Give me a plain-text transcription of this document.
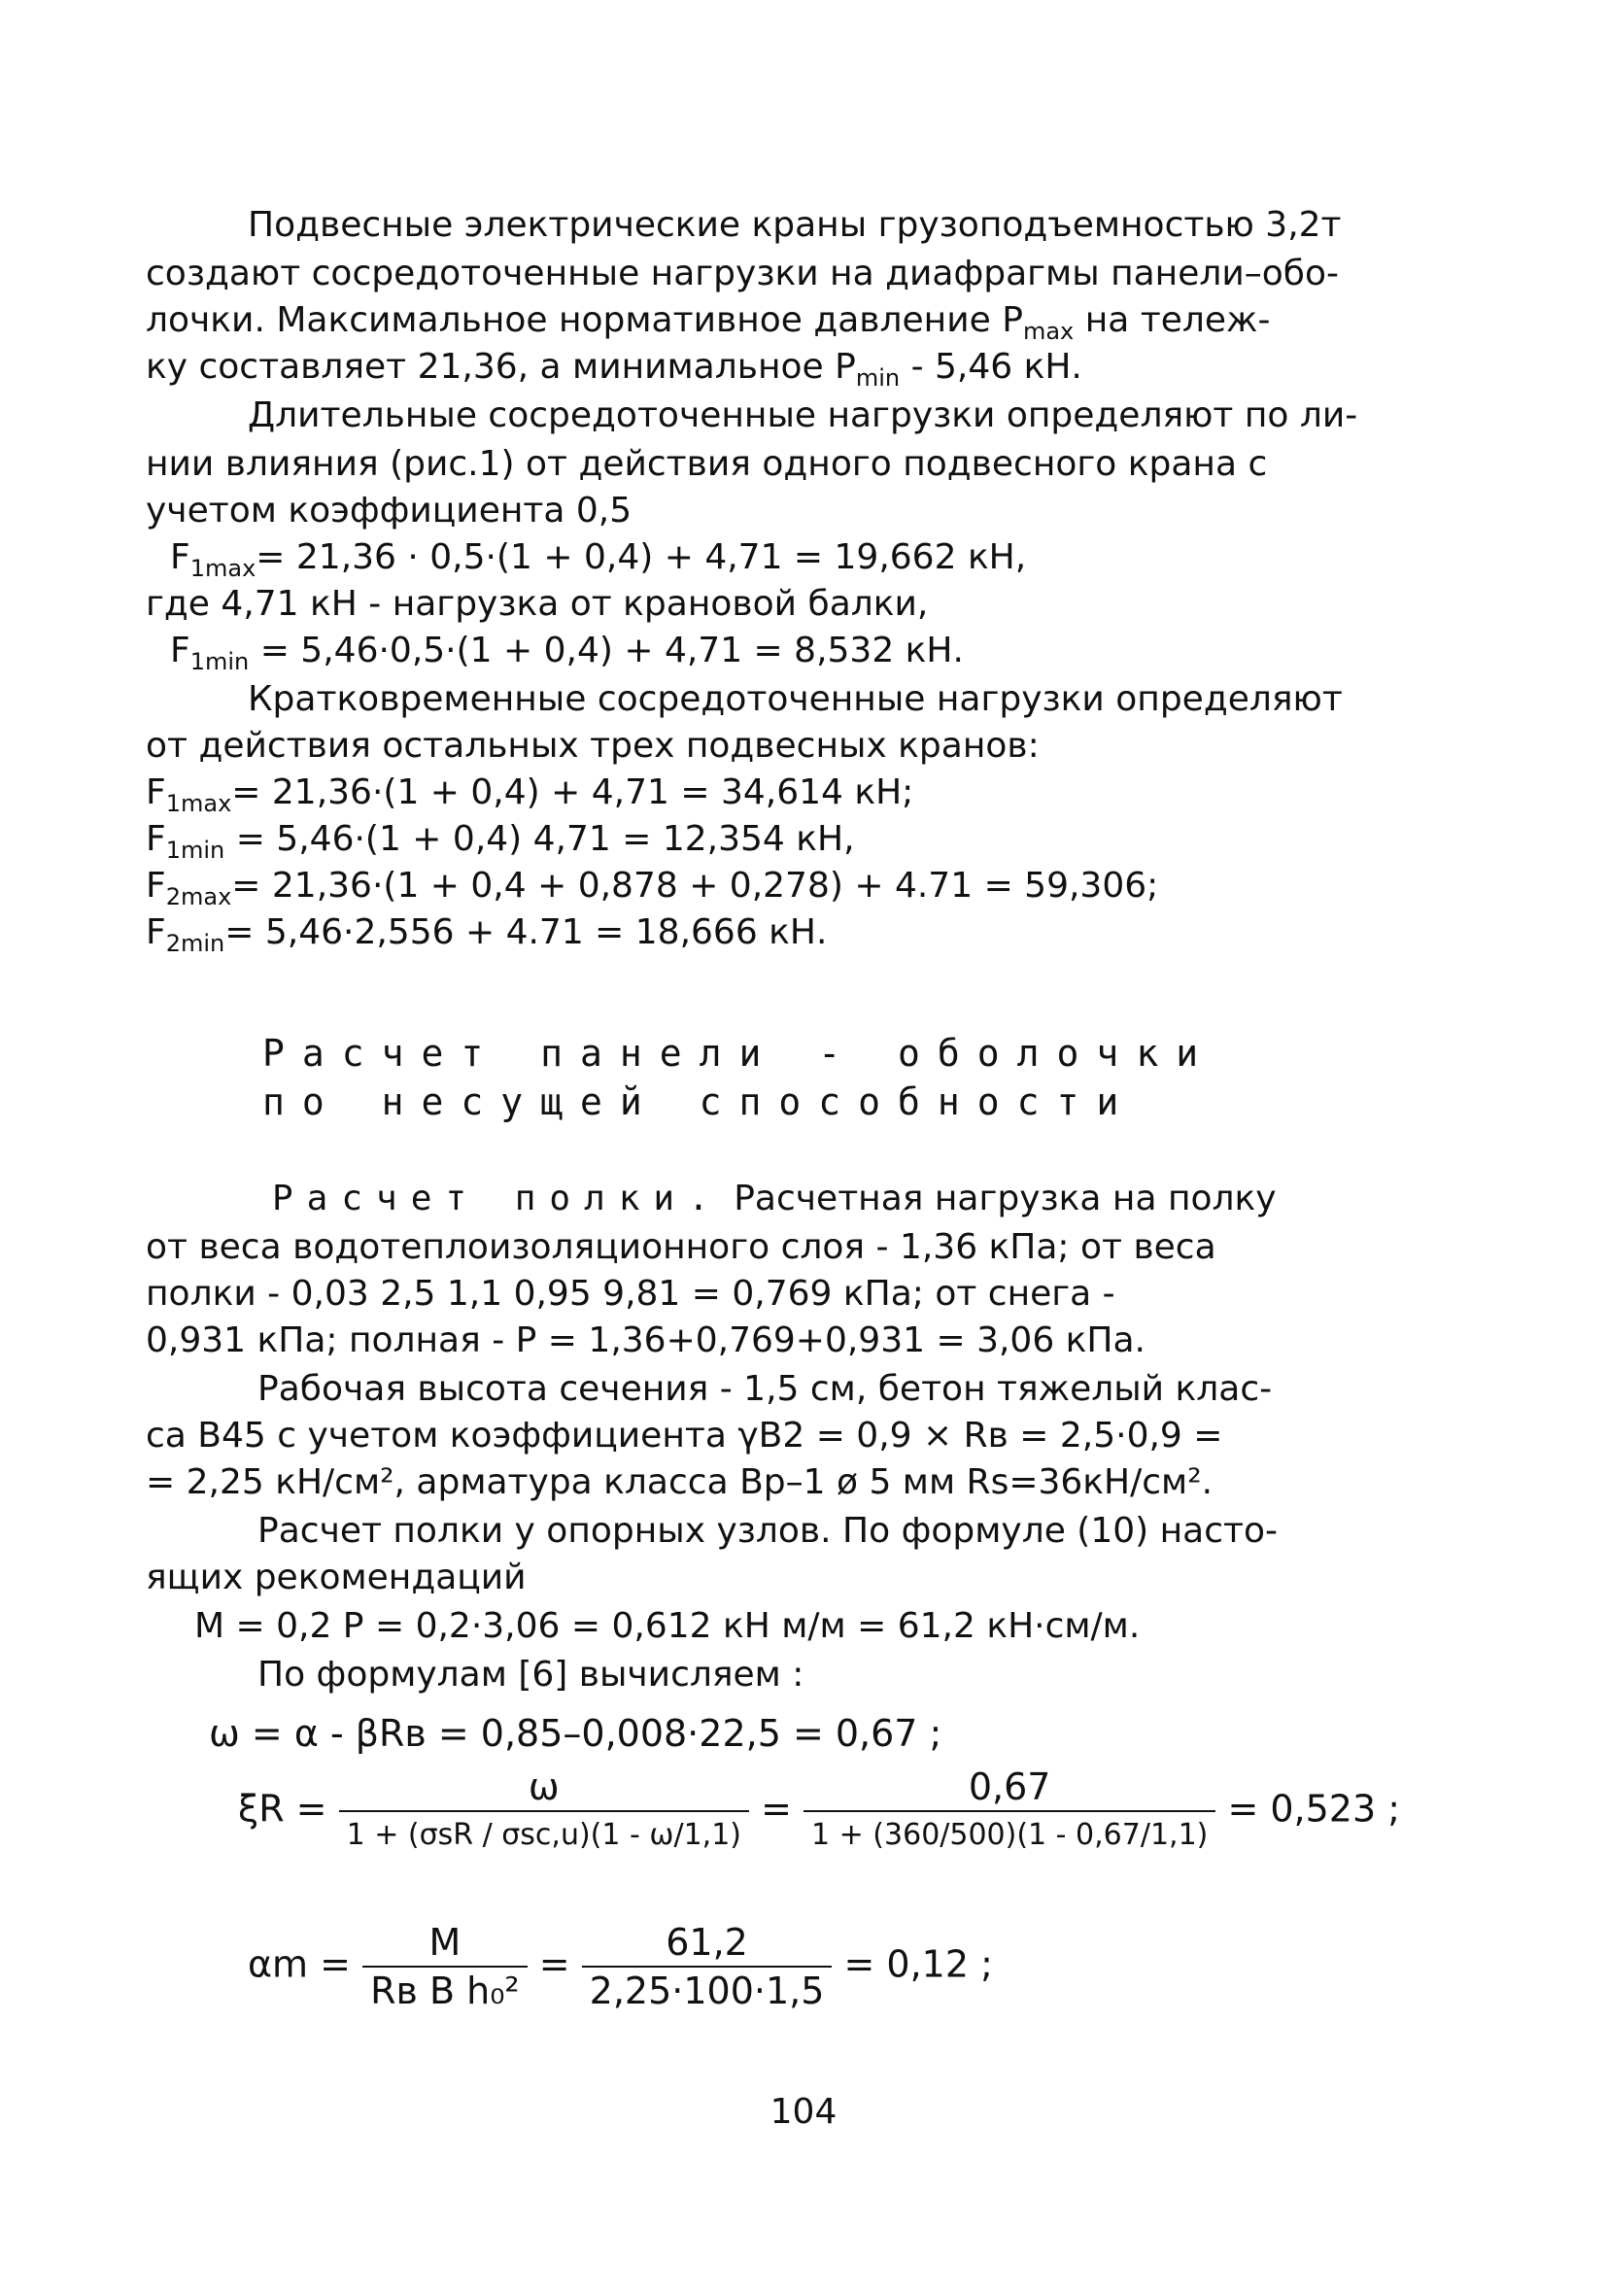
Подвесные электрические краны грузоподъемностью 3,2т
создают сосредоточенные нагрузки на диафрагмы панели–обо-
лочки. Максимальное нормативное давление $P_{max}$ на тележ-
ку составляет 21,36, а минимальное $P_{min} - 5,46$ кН.
Длительные сосредоточенные нагрузки определяют по ли-
нии влияния (рис.1) от действия одного подвесного крана с
учетом коэффициента 0,5
$F_{1max}= 21,36 \cdot 0,5\cdot(1 + 0,4) + 4,71 = 19,662$ кН,
где 4,71 кН - нагрузка от крановой балки,
$F_{1min} = 5,46\cdot 0,5\cdot(1 + 0,4) + 4,71 = 8,532$ кН.
Кратковременные сосредоточенные нагрузки определяют
от действия остальных трех подвесных кранов:
$F_{1max}= 21,36\cdot(1 + 0,4) + 4,71 = 34,614$ кН;
$F_{1min} = 5,46\cdot(1 + 0,4) 4,71 = 12,354$ кН,
$F_{2max}= 21,36\cdot(1 + 0,4 + 0,878 + 0,278) + 4.71 = 59,306$;
$F_{2min}= 5,46\cdot 2,556 + 4.71 = 18,666$ кН.
Расчет панели - оболочки
по несущей способности
Расчет полки. Расчетная нагрузка на полку
от веса водотеплоизоляционного слоя - 1,36 кПа; от веса
полки - 0,03 2,5 1,1 0,95 9,81 = 0,769 кПа; от снега -
0,931 кПа; полная - Р = 1,36+0,769+0,931 = 3,06 кПа.
Рабочая высота сечения - 1,5 см, бетон тяжелый клас-
са В45 с учетом коэффициента γB2 = 0,9 × Rв = 2,5·0,9 =
= 2,25 кН/см², арматура класса Вр–1 ø 5 мм Rs=36кН/см².
Расчет полки у опорных узлов. По формуле (10) насто-
ящих рекомендаций
M = 0,2 P = 0,2·3,06 = 0,612 кН м/м = 61,2 кН·см/м.
По формулам [6] вычисляем :
ω = α - βRв = 0,85–0,008·22,5 = 0,67 ;
$\xi R = \frac{\omega}{\text{1 + (σsR / σsc,u)(1 - ω/1,1)}} = \frac{0,67}{1 + (360/500)(1 - 0,67/1,1)} = 0,523$ ;
$\alpha m = \frac{M}{\text{Rв B h₀²}} = \frac{61,2}{2,25\cdot 100\cdot 1,5} = 0,12$ ;
104
